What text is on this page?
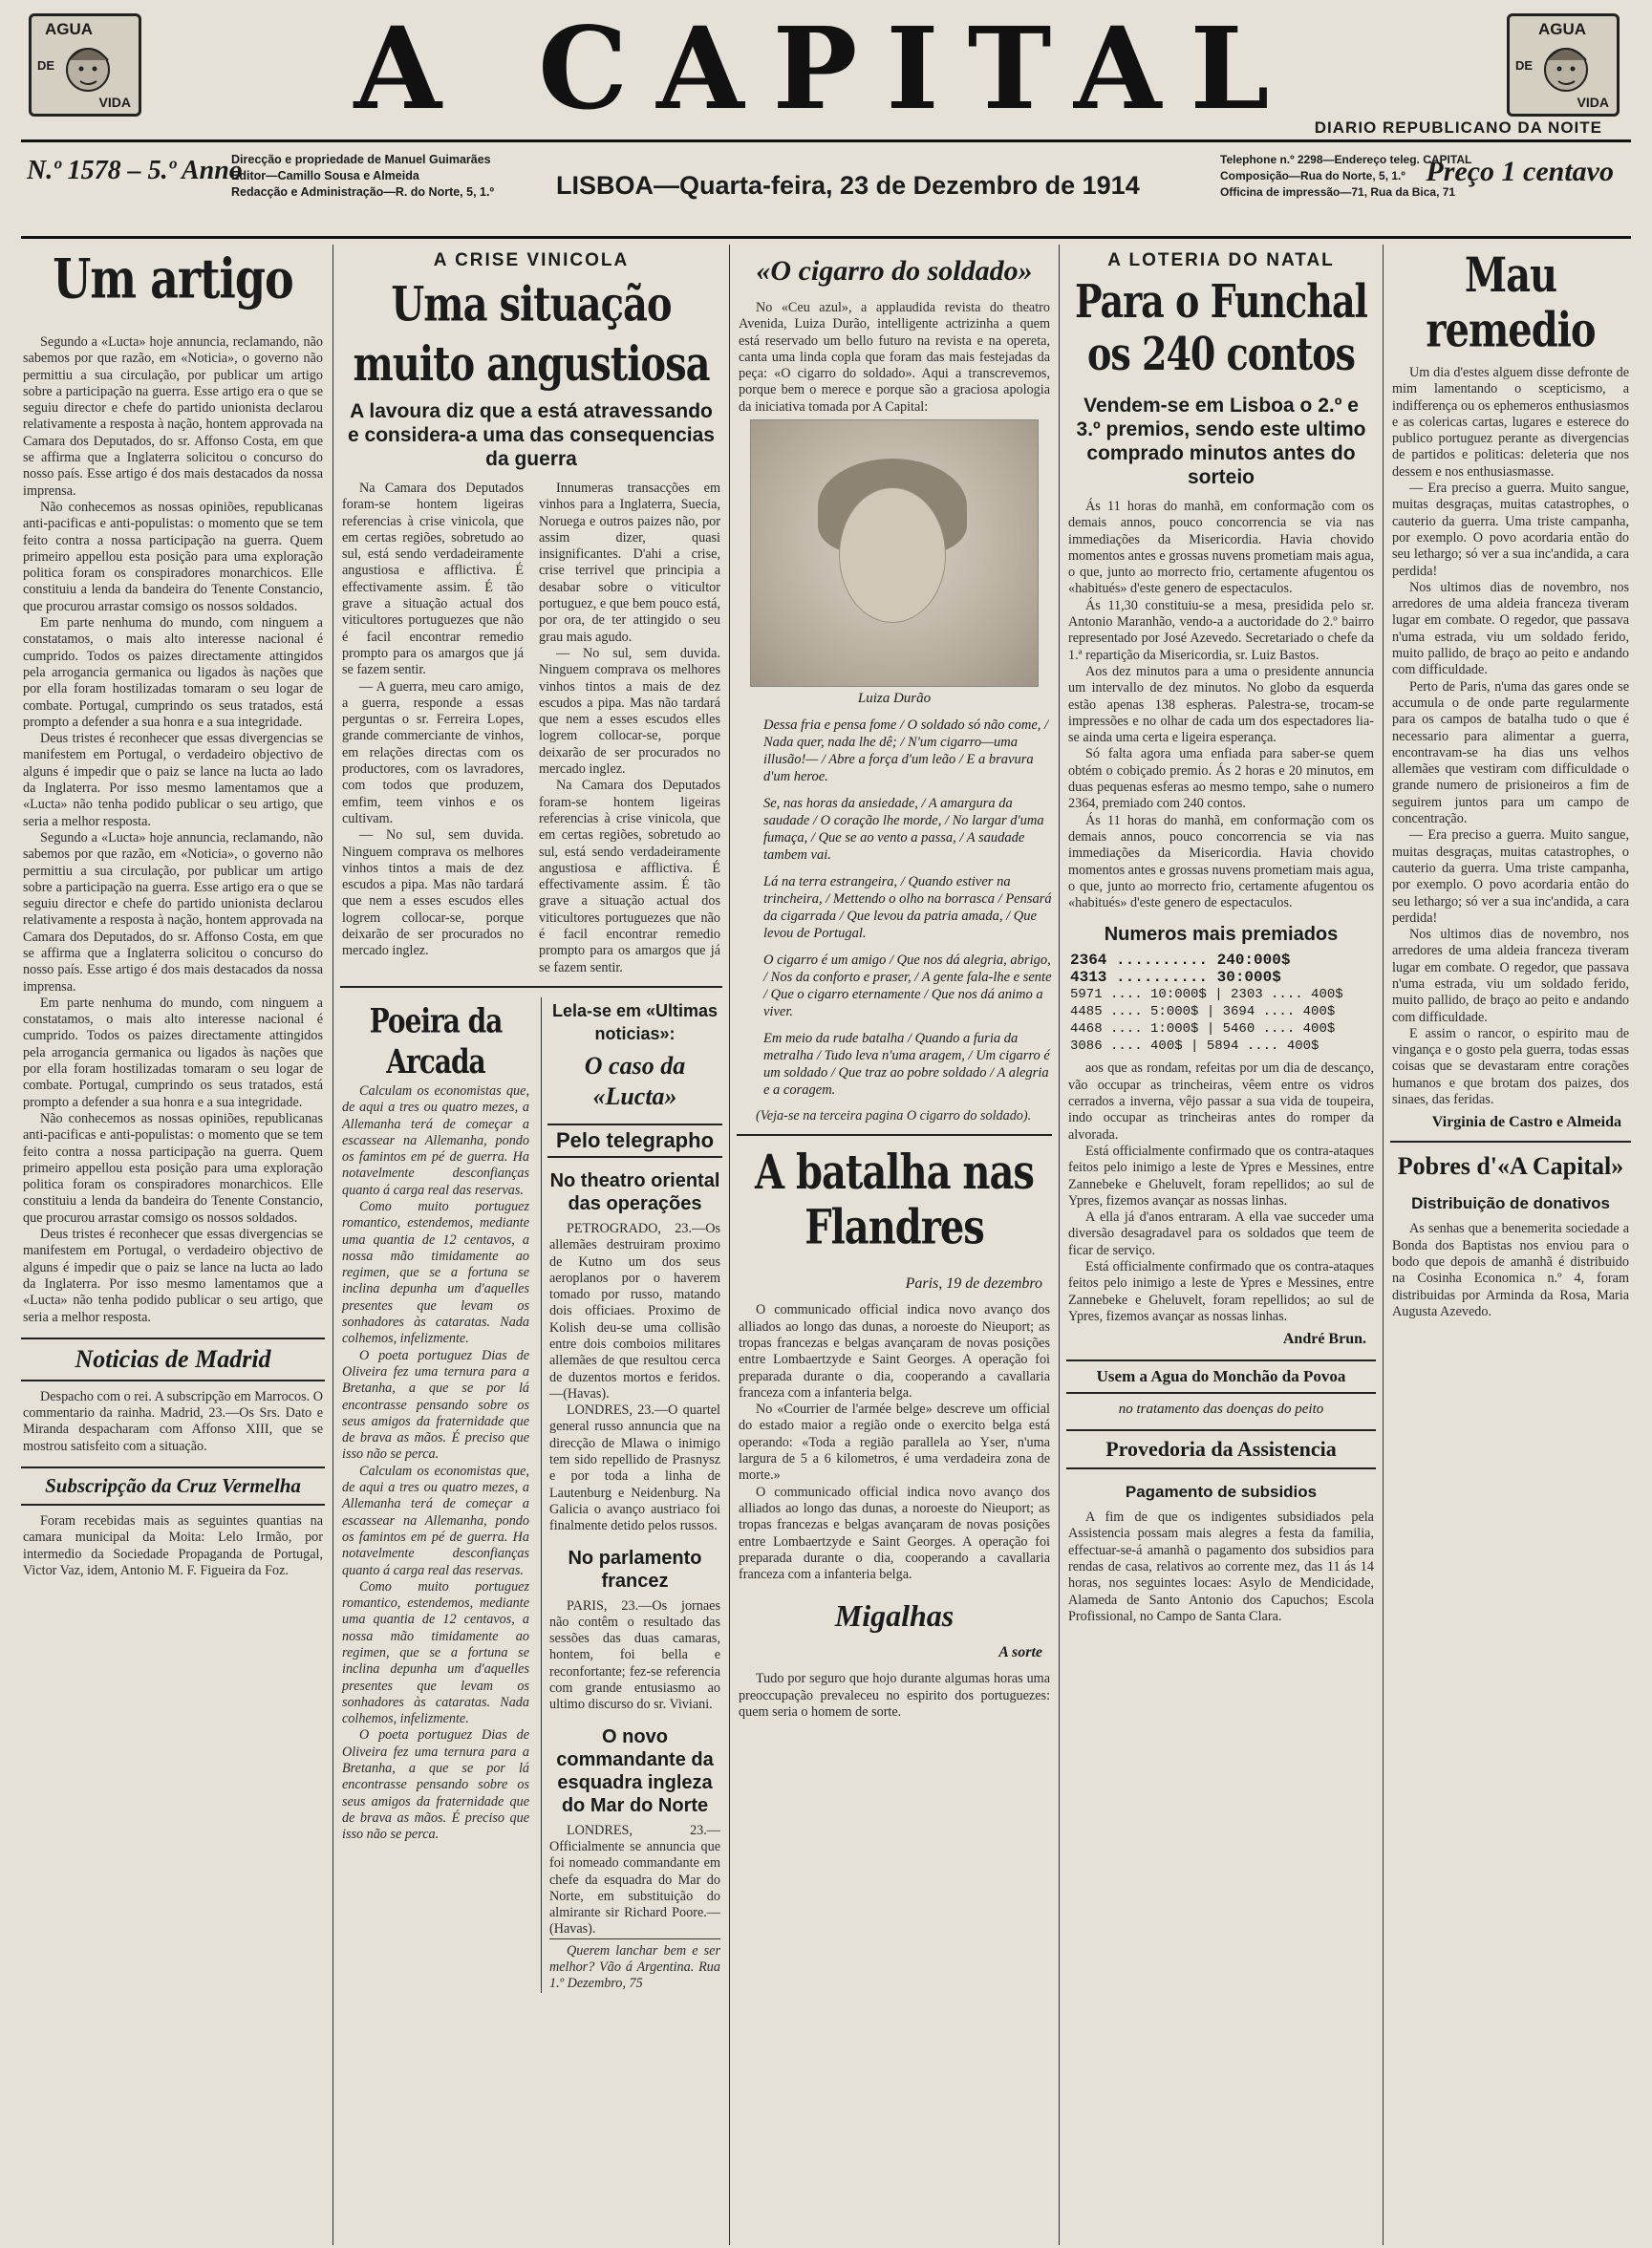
AGUA
DE
VIDA	A CAPITAL	AGUA
DE
VIDA
DIARIO REPUBLICANO DA NOITE
N.º 1578 – 5.º Anno
Direcção e propriedade de Manuel Guimarães
Editor—Camillo Sousa e Almeida
Redacção e Administração—R. do Norte, 5, 1.º LISBOA—Quarta-feira, 23 de Dezembro de 1914
Telephone n.º 2298—Endereço teleg. CAPITAL
Composição—Rua do Norte, 5, 1.º
Officina de impressão—71, Rua da Bica, 71
Preço 1 centavo
Um artigo

Segundo a «Lucta» hoje annuncia, reclamando, não sabemos por que razão, em «Noticia», o governo não permittiu a sua circulação, por publicar um artigo sobre a participação na guerra. Esse artigo era o que se seguiu director e chefe do partido unionista declarou relativamente a resposta à nação, hontem approvada na Camara dos Deputados, do sr. Affonso Costa, em que se affirma que a Inglaterra solicitou o concurso do nosso país. Esse artigo é dos mais destacados da nossa imprensa.

Não conhecemos as nossas opiniões, republicanas anti-pacificas e anti-populistas: o momento que se tem feito contra a nossa participação na guerra. Quem primeiro appellou esta posição para uma exploração politica foram os conspiradores monarchicos. Elle constituiu a lenda da bandeira do Tenente Constancio, que procurou arrastar comsigo os nossos soldados.

Em parte nenhuma do mundo, com ninguem a constatamos, o mais alto interesse nacional é cumprido. Todos os paizes directamente attingidos pela arrogancia germanica ou ligados às nações que por ella foram hostilizadas tomaram o seu logar de combate. Portugal, cumprindo os seus tratados, está prompto a defender a sua honra e a sua integridade.

Deus tristes é reconhecer que essas divergencias se manifestem em Portugal, o verdadeiro objectivo de alguns é impedir que o paiz se lance na lucta ao lado da Inglaterra. Por isso mesmo lamentamos que a «Lucta» não tenha podido publicar o seu artigo, que seria a melhor resposta.

Segundo a «Lucta» hoje annuncia, reclamando, não sabemos por que razão, em «Noticia», o governo não permittiu a sua circulação, por publicar um artigo sobre a participação na guerra. Esse artigo era o que se seguiu director e chefe do partido unionista declarou relativamente a resposta à nação, hontem approvada na Camara dos Deputados, do sr. Affonso Costa, em que se affirma que a Inglaterra solicitou o concurso do nosso país. Esse artigo é dos mais destacados da nossa imprensa.

Em parte nenhuma do mundo, com ninguem a constatamos, o mais alto interesse nacional é cumprido. Todos os paizes directamente attingidos pela arrogancia germanica ou ligados às nações que por ella foram hostilizadas tomaram o seu logar de combate. Portugal, cumprindo os seus tratados, está prompto a defender a sua honra e a sua integridade.

Não conhecemos as nossas opiniões, republicanas anti-pacificas e anti-populistas: o momento que se tem feito contra a nossa participação na guerra. Quem primeiro appellou esta posição para uma exploração politica foram os conspiradores monarchicos. Elle constituiu a lenda da bandeira do Tenente Constancio, que procurou arrastar comsigo os nossos soldados.

Deus tristes é reconhecer que essas divergencias se manifestem em Portugal, o verdadeiro objectivo de alguns é impedir que o paiz se lance na lucta ao lado da Inglaterra. Por isso mesmo lamentamos que a «Lucta» não tenha podido publicar o seu artigo, que seria a melhor resposta.

Noticias de Madrid

Despacho com o rei. A subscripção em Marrocos. O commentario da rainha. Madrid, 23.—Os Srs. Dato e Miranda despacharam com Affonso XIII, que se mostrou satisfeito com a situação.

Subscripção da Cruz Vermelha

Foram recebidas mais as seguintes quantias na camara municipal da Moita: Lelo Irmão, por intermedio da Sociedade Propaganda de Portugal, Victor Vaz, idem, Antonio M. F. Figueira da Foz.

A CRISE VINICOLA
Uma situação muito angustiosa
A lavoura diz que a está atravessando e considera-a uma das consequencias da guerra

Na Camara dos Deputados foram-se hontem ligeiras referencias à crise vinicola, que em certas regiões, sobretudo ao sul, está sendo verdadeiramente angustiosa e afflictiva. É effectivamente assim. É tão grave a situação actual dos viticultores portuguezes que não é facil encontrar remedio prompto para os amargos que já se fazem sentir.

— A guerra, meu caro amigo, a guerra, responde a essas perguntas o sr. Ferreira Lopes, grande commerciante de vinhos, em relações directas com os productores, com os lavradores, com todos que produzem, emfim, teem vinhos e os cultivam.

— No sul, sem duvida. Ninguem comprava os melhores vinhos tintos a mais de dez escudos a pipa. Mas não tardará que nem a esses escudos elles logrem collocar-se, porque deixarão de ser procurados no mercado inglez.

Innumeras transacções em vinhos para a Inglaterra, Suecia, Noruega e outros paizes não, por assim dizer, quasi insignificantes. D'ahi a crise, crise terrivel que principia a desabar sobre o viticultor portuguez, e que bem pouco está, por ora, de ter attingido o seu grau mais agudo.

— No sul, sem duvida. Ninguem comprava os melhores vinhos tintos a mais de dez escudos a pipa. Mas não tardará que nem a esses escudos elles logrem collocar-se, porque deixarão de ser procurados no mercado inglez.

Na Camara dos Deputados foram-se hontem ligeiras referencias à crise vinicola, que em certas regiões, sobretudo ao sul, está sendo verdadeiramente angustiosa e afflictiva. É effectivamente assim. É tão grave a situação actual dos viticultores portuguezes que não é facil encontrar remedio prompto para os amargos que já se fazem sentir.

Poeira da Arcada

Calculam os economistas que, de aqui a tres ou quatro mezes, a Allemanha terá de começar a escassear na Allemanha, pondo os famintos em pé de guerra. Ha notavelmente desconfianças quanto á carga real das reservas.

Como muito portuguez romantico, estendemos, mediante uma quantia de 12 centavos, a nossa mão timidamente ao regimen, que se a fortuna se inclina depunha um d'aquelles presentes que levam os sonhadores às cataratas. Nada colhemos, infelizmente.

O poeta portuguez Dias de Oliveira fez uma ternura para a Bretanha, a que se por lá encontrasse pensando sobre os seus amigos da fraternidade que de brava as mãos. É preciso que isso não se perca.

Calculam os economistas que, de aqui a tres ou quatro mezes, a Allemanha terá de começar a escassear na Allemanha, pondo os famintos em pé de guerra. Ha notavelmente desconfianças quanto á carga real das reservas.

Como muito portuguez romantico, estendemos, mediante uma quantia de 12 centavos, a nossa mão timidamente ao regimen, que se a fortuna se inclina depunha um d'aquelles presentes que levam os sonhadores às cataratas. Nada colhemos, infelizmente.

O poeta portuguez Dias de Oliveira fez uma ternura para a Bretanha, a que se por lá encontrasse pensando sobre os seus amigos da fraternidade que de brava as mãos. É preciso que isso não se perca.

Lela-se em «Ultimas noticias»:
O caso da «Lucta»
Pelo telegrapho
No theatro oriental das operações

PETROGRADO, 23.—Os allemães destruiram proximo de Kutno um dos seus aeroplanos por o haverem tomado por russo, matando dois officiaes. Proximo de Kolish deu-se uma collisão entre dois comboios militares allemães de que resultou cerca de duzentos mortos e feridos.—(Havas).

LONDRES, 23.—O quartel general russo annuncia que na direcção de Mlawa o inimigo tem sido repellido de Prasnysz e por toda a linha de Lautenburg e Neidenburg. Na Galicia o avanço austriaco foi finalmente detido pelos russos.

No parlamento francez

PARIS, 23.—Os jornaes não contêm o resultado das sessões das duas camaras, hontem, foi bella e reconfortante; fez-se referencia com grande entusiasmo ao ultimo discurso do sr. Viviani.

O novo commandante da esquadra ingleza do Mar do Norte

LONDRES, 23.—Officialmente se annuncia que foi nomeado commandante em chefe da esquadra do Mar do Norte, em substituição do almirante sir Richard Poore.—(Havas).

Querem lanchar bem e ser melhor? Vão á Argentina. Rua 1.º Dezembro, 75

«O cigarro do soldado»

No «Ceu azul», a applaudida revista do theatro Avenida, Luiza Durão, intelligente actrizinha a quem está reservado um bello futuro na revista e na opereta, canta uma linda copla que foram das mais festejadas da peça: «O cigarro do soldado». Aqui a transcrevemos, porque bem o merece e porque são a graciosa apologia da iniciativa tomada por A Capital:

Luiza Durão

Dessa fria e pensa fome / O soldado só não come, / Nada quer, nada lhe dê; / N'um cigarro—uma illusão!— / Abre a força d'um leão / E a bravura d'um heroe.

Se, nas horas da ansiedade, / A amargura da saudade / O coração lhe morde, / No largar d'uma fumaça, / Que se ao vento a passa, / A saudade tambem vai.

Lá na terra estrangeira, / Quando estiver na trincheira, / Mettendo o olho na borrasca / Pensará da cigarrada / Que levou da patria amada, / Que levou de Portugal.

O cigarro é um amigo / Que nos dá alegria, abrigo, / Nos da conforto e praser, / A gente fala-lhe e sente / Que o cigarro eternamente / Que nos dá animo a viver.

Em meio da rude batalha / Quando a furia da metralha / Tudo leva n'uma aragem, / Um cigarro é um soldado / Que traz ao pobre soldado / A alegria e a coragem.

(Veja-se na terceira pagina O cigarro do soldado).

A batalha nas Flandres
Paris, 19 de dezembro

O communicado official indica novo avanço dos alliados ao longo das dunas, a noroeste do Nieuport; as tropas francezas e belgas avançaram de novas posições entre Lombaertzyde e Saint Georges. A operação foi preparada durante o dia, cooperando a cavallaria franceza com a infanteria belga.

No «Courrier de l'armée belge» descreve um official do estado maior a região onde o exercito belga está operando: «Toda a região parallela ao Yser, n'uma largura de 5 a 6 kilometros, é uma verdadeira zona de morte.»

O communicado official indica novo avanço dos alliados ao longo das dunas, a noroeste do Nieuport; as tropas francezas e belgas avançaram de novas posições entre Lombaertzyde e Saint Georges. A operação foi preparada durante o dia, cooperando a cavallaria franceza com a infanteria belga.

Migalhas
A sorte

Tudo por seguro que hojo durante algumas horas uma preoccupação prevaleceu no espirito dos portuguezes: quem seria o homem de sorte.

A LOTERIA DO NATAL
Para o Funchal os 240 contos
Vendem-se em Lisboa o 2.º e 3.º premios, sendo este ultimo comprado minutos antes do sorteio

Ás 11 horas do manhã, em conformação com os demais annos, pouco concorrencia se via nas immediações da Misericordia. Havia chovido momentos antes e grossas nuvens prometiam mais agua, o que, junto ao morrecto frio, certamente afugentou os «habitués» d'este genero de espectaculos.

Ás 11,30 constituiu-se a mesa, presidida pelo sr. Antonio Maranhão, vendo-a a auctoridade do 2.º bairro representado por José Azevedo. Secretariado o chefe da 1.ª repartição da Misericordia, sr. Luiz Bastos.

Aos dez minutos para a uma o presidente annuncia um intervallo de dez minutos. No globo da esquerda estão apenas 138 espheras. Palestra-se, trocam-se impressões e no olhar de cada um dos espectadores lia-se ainda uma certa e ligeira esperança.

Só falta agora uma enfiada para saber-se quem obtém o cobiçado premio. Ás 2 horas e 20 minutos, em duas pequenas esferas ao mesmo tempo, sahe o numero 2364, premiado com 240 contos.

Ás 11 horas do manhã, em conformação com os demais annos, pouco concorrencia se via nas immediações da Misericordia. Havia chovido momentos antes e grossas nuvens prometiam mais agua, o que, junto ao morrecto frio, certamente afugentou os «habitués» d'este genero de espectaculos.

Numeros mais premiados
2364 .......... 240:000$
4313 .......... 30:000$
5971 .... 10:000$ | 2303 .... 400$
4485 .... 5:000$ | 3694 .... 400$
4468 .... 1:000$ | 5460 .... 400$
3086 .... 400$ | 5894 .... 400$

aos que as rondam, refeitas por um dia de descanço, vão occupar as trincheiras, vêem entre os vidros cerrados a inverna, vêjo passar a sua vida de toupeira, indo occupar as trincheiras antes do romper da alvorada.

Está officialmente confirmado que os contra-ataques feitos pelo inimigo a leste de Ypres e Messines, entre Zannebeke e Gheluvelt, foram repellidos; ao sul de Ypres, fizemos avançar as nossas linhas.

A ella já d'anos entraram. A ella vae succeder uma diversão desagradavel para os soldados que teem de ficar de serviço.

Está officialmente confirmado que os contra-ataques feitos pelo inimigo a leste de Ypres e Messines, entre Zannebeke e Gheluvelt, foram repellidos; ao sul de Ypres, fizemos avançar as nossas linhas.

André Brun.
Usem a Agua do Monchão da Povoa
no tratamento das doenças do peito
Provedoria da Assistencia
Pagamento de subsidios

A fim de que os indigentes subsidiados pela Assistencia possam mais alegres a festa da familia, effectuar-se-á amanhã o pagamento dos subsidios para rendas de casa, relativos ao corrente mez, das 11 ás 14 horas, nos seguintes locaes: Asylo de Mendicidade, Alameda de Santo Antonio dos Capuchos; Escola Profissional, no Campo de Santa Clara.

Mau remedio

Um dia d'estes alguem disse defronte de mim lamentando o scepticismo, a indifferença ou os ephemeros enthusiasmos e as colericas cartas, lugares e esterece do publico portuguez perante as divergencias de partidos e politicas: deleteria que nos dessem e nos enthusiasmasse.

— Era preciso a guerra. Muito sangue, muitas desgraças, muitas catastrophes, o cauterio da guerra. Uma triste campanha, por exemplo. O povo acordaria então do seu lethargo; só ver a sua inc'andida, a cara perdida!

Nos ultimos dias de novembro, nos arredores de uma aldeia franceza tiveram lugar em combate. O regedor, que passava n'uma estrada, viu um soldado ferido, muito pallido, de braço ao peito e andando com difficuldade.

Perto de Paris, n'uma das gares onde se accumula o de onde parte regularmente para os campos de batalha tudo o que é necessario para alimentar a guerra, encontravam-se ha dias uns velhos allemães que vestiram com difficuldade o grande numero de prisioneiros a fim de seguirem juntos para um campo de concentração.

— Era preciso a guerra. Muito sangue, muitas desgraças, muitas catastrophes, o cauterio da guerra. Uma triste campanha, por exemplo. O povo acordaria então do seu lethargo; só ver a sua inc'andida, a cara perdida!

Nos ultimos dias de novembro, nos arredores de uma aldeia franceza tiveram lugar em combate. O regedor, que passava n'uma estrada, viu um soldado ferido, muito pallido, de braço ao peito e andando com difficuldade.

E assim o rancor, o espirito mau de vingança e o gosto pela guerra, todas essas coisas que se devastaram entre corações humanos e que brotam dos paizes, dos sinaes, das feridas.

Virginia de Castro e Almeida
Pobres d'«A Capital»
Distribuição de donativos

As senhas que a benemerita sociedade a Bonda dos Baptistas nos enviou para o bodo que depois de amanhã é distribuido na Cosinha Economica n.º 4, foram distribuidas por Arminda da Rosa, Maria Augusta Azevedo.
